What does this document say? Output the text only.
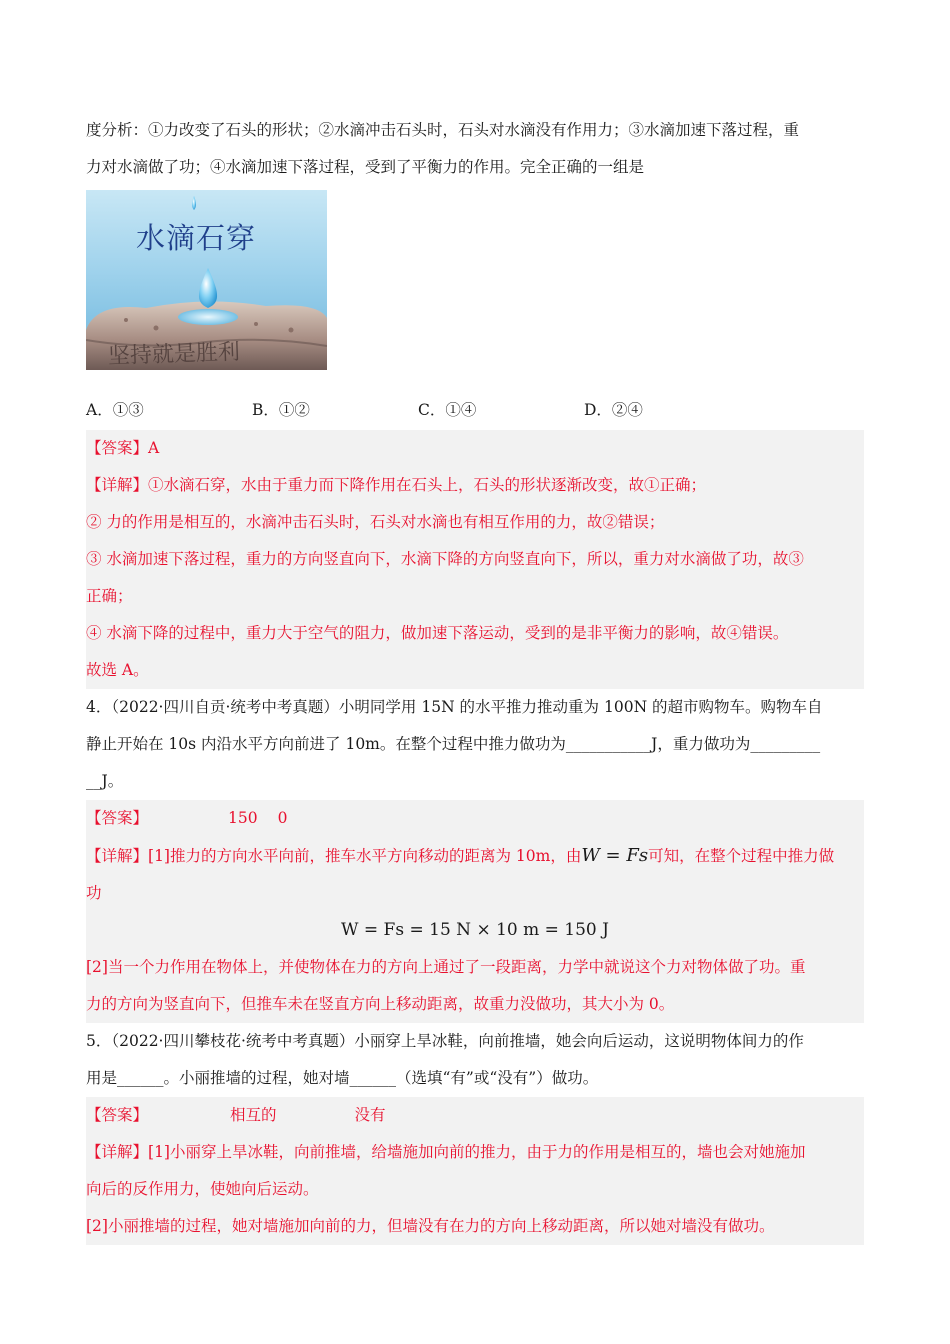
度分析：①力改变了石头的形状；②水滴冲击石头时，石头对水滴没有作用力；③水滴加速下落过程，重
力对水滴做了功；④水滴加速下落过程，受到了平衡力的作用。完全正确的一组是
坚持就是胜利
水滴石穿
A．①③	B．①②	C．①④	D．②④
【答案】A
【详解】①水滴石穿，水由于重力而下降作用在石头上，石头的形状逐渐改变，故①正确；
② 力的作用是相互的，水滴冲击石头时，石头对水滴也有相互作用的力，故②错误；
③ 水滴加速下落过程，重力的方向竖直向下，水滴下降的方向竖直向下，所以，重力对水滴做了功，故③
正确；
④ 水滴下降的过程中，重力大于空气的阻力，做加速下落运动，受到的是非平衡力的影响，故④错误。
故选 A。
4．（2022·四川自贡·统考中考真题）小明同学用 15N 的水平推力推动重为 100N 的超市购物车。购物车自
静止开始在 10s 内沿水平方向前进了 10m。在整个过程中推力做功为___________J，重力做功为_________
__J。
【答案】	150 0
【详解】[1]推力的方向水平向前，推车水平方向移动的距离为 10m，由W = Fs可知，在整个过程中推力做
功
W = Fs = 15 N × 10 m = 150 J
[2]当一个力作用在物体上，并使物体在力的方向上通过了一段距离，力学中就说这个力对物体做了功。重
力的方向为竖直向下，但推车未在竖直方向上移动距离，故重力没做功，其大小为 0。
5．（2022·四川攀枝花·统考中考真题）小丽穿上旱冰鞋，向前推墙，她会向后运动，这说明物体间力的作
用是______。小丽推墙的过程，她对墙______（选填“有”或“没有”）做功。
【答案】	相互的	没有
【详解】[1]小丽穿上旱冰鞋，向前推墙，给墙施加向前的推力，由于力的作用是相互的，墙也会对她施加
向后的反作用力，使她向后运动。
[2]小丽推墙的过程，她对墙施加向前的力，但墙没有在力的方向上移动距离，所以她对墙没有做功。
